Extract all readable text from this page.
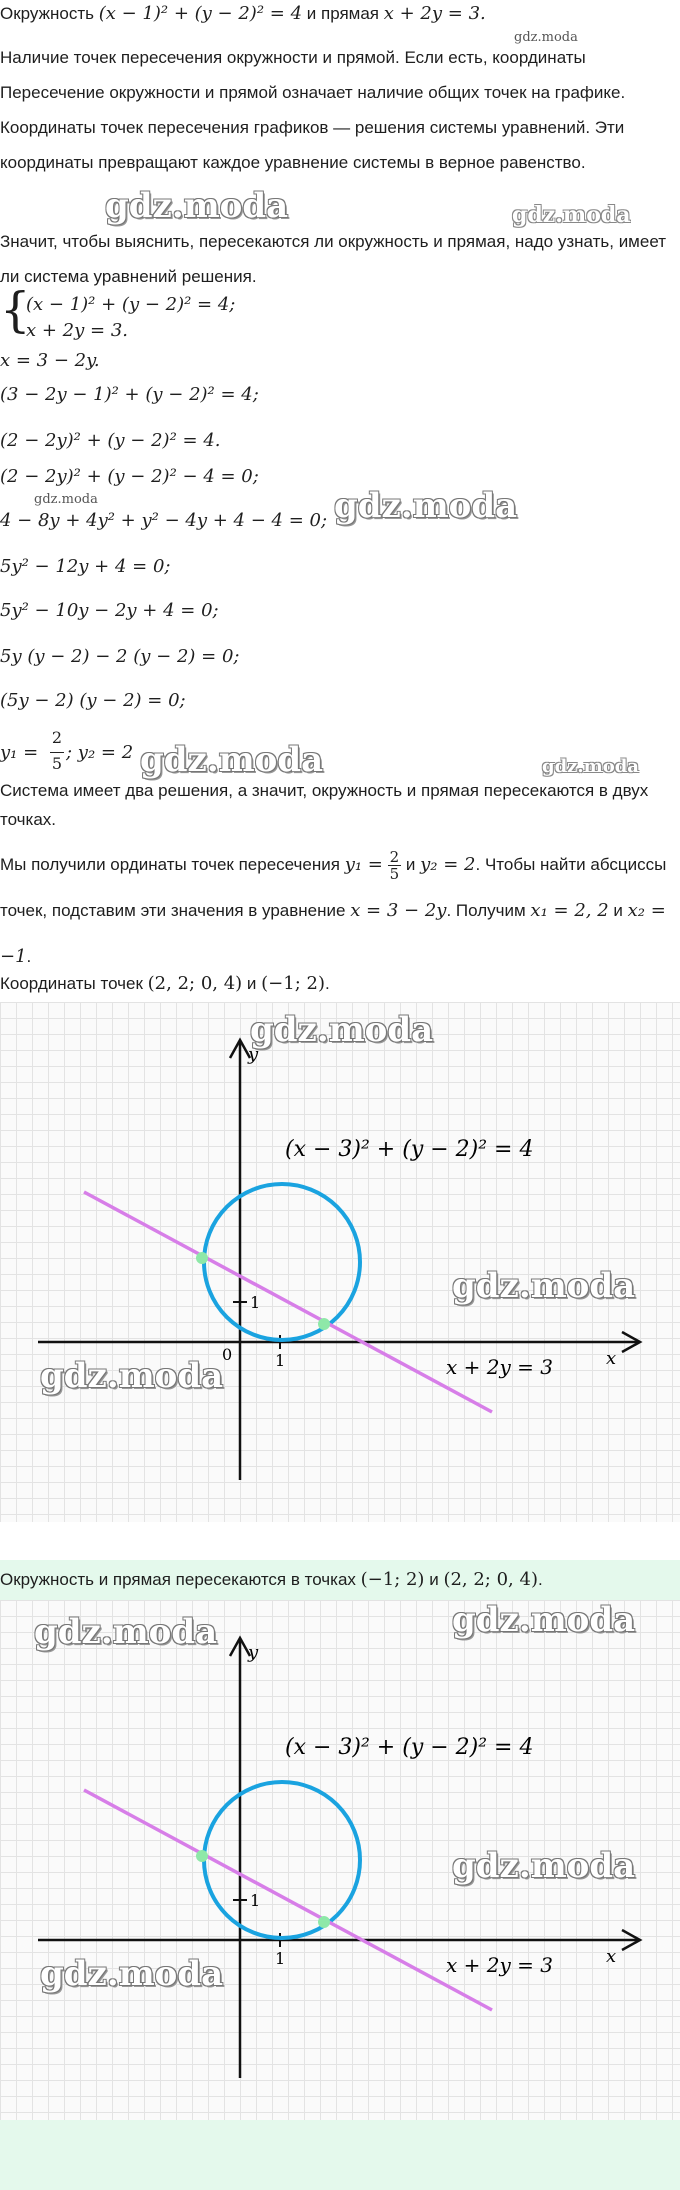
Окружность (x − 1)² + (y − 2)² = 4 и прямая x + 2y = 3.
gdz.moda
Наличие точек пересечения окружности и прямой. Если есть, координаты Пересечение окружности и прямой означает наличие общих точек на графике. Координаты точек пересечения графиков — решения системы уравнений. Эти координаты превращают каждое уравнение системы в верное равенство.
gdz.moda	gdz.moda
Значит, чтобы выяснить, пересекаются ли окружность и прямая, надо узнать, имеет ли система уравнений решения.
{
(x − 1)² + (y − 2)² = 4;
x + 2y = 3.
x = 3 − 2y.
(3 − 2y − 1)² + (y − 2)² = 4;
(2 − 2y)² + (y − 2)² = 4.
(2 − 2y)² + (y − 2)² − 4 = 0;
gdz.moda
4 − 8y + 4y² + y² − 4y + 4 − 4 = 0; gdz.moda
5y² − 12y + 4 = 0;
5y² − 10y − 2y + 4 = 0;
5y (y − 2) − 2 (y − 2) = 0;
(5y − 2) (y − 2) = 0;
y₁ =
2
5
; y₂ = 2 gdz.moda	gdz.moda
Система имеет два решения, а значит, окружность и прямая пересекаются в двух точках.
Мы получили ординаты точек пересечения $y_1 = \frac{2}{5}$ и y₂ = 2. Чтобы найти абсциссы точек, подставим эти значения в уравнение x = 3 − 2y. Получим x₁ = 2, 2 и x₂ = −1.
Координаты точек (2, 2; 0, 4) и (−1; 2).
y
x
0	1
1
(x − 3)² + (y − 2)² = 4
x + 2y = 3
gdz.moda
gdz.moda
gdz.moda
Окружность и прямая пересекаются в точках (−1; 2) и (2, 2; 0, 4).
y
x
1
1
(x − 3)² + (y − 2)² = 4
x + 2y = 3
gdz.moda
gdz.moda
gdz.moda
gdz.moda
